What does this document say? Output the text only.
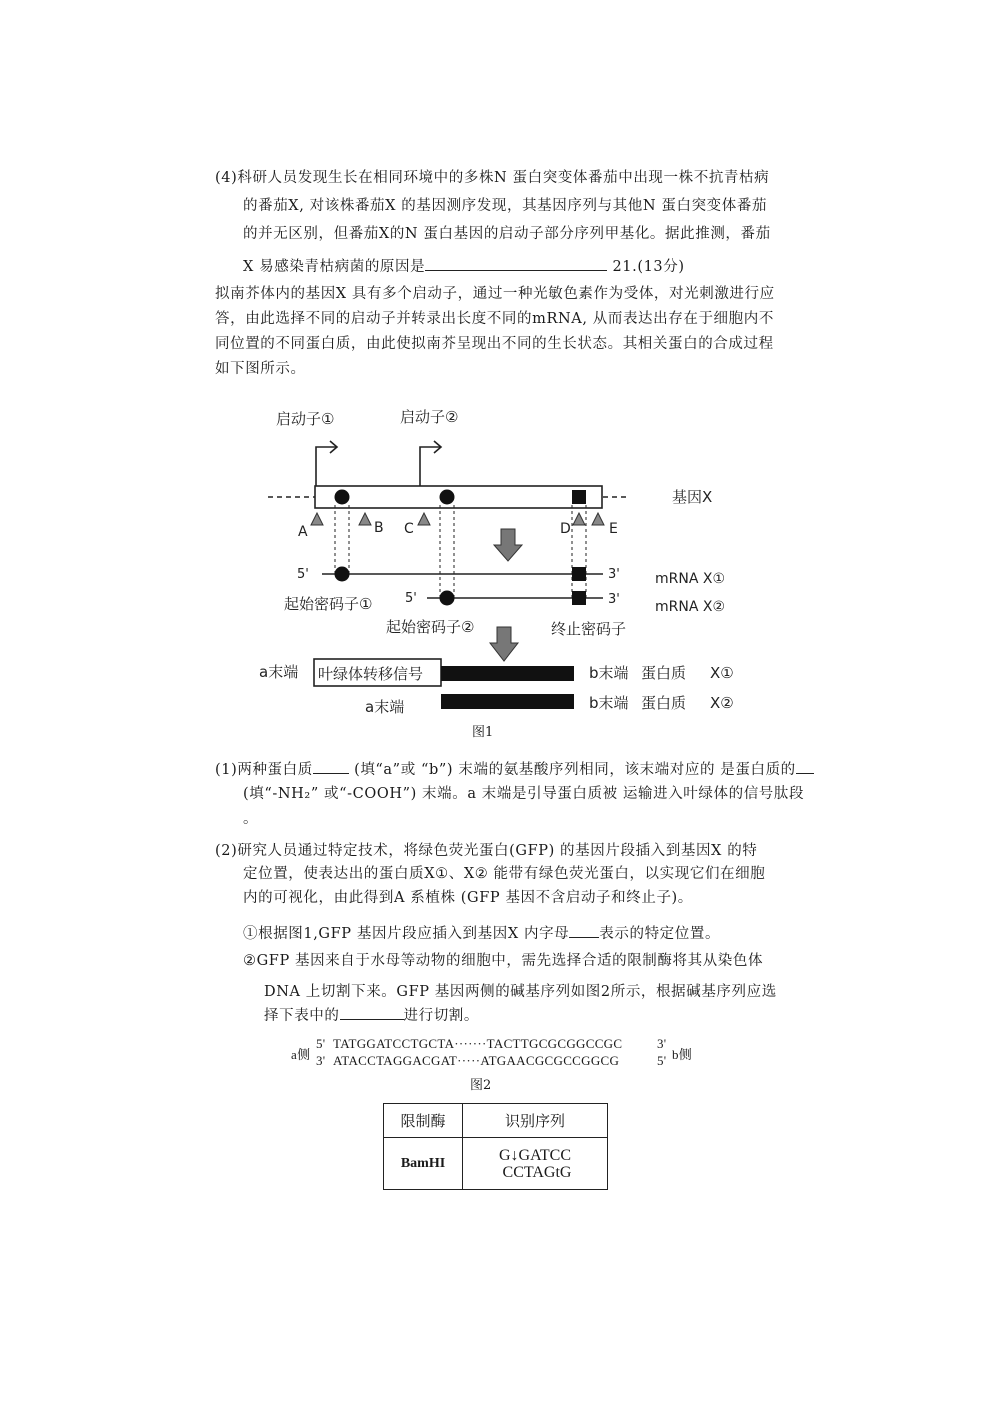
(4)科研人员发现生长在相同环境中的多株N 蛋白突变体番茄中出现一株不抗青枯病
的番茄X, 对该株番茄X 的基因测序发现，其基因序列与其他N 蛋白突变体番茄
的并无区别，但番茄X的N 蛋白基因的启动子部分序列甲基化。据此推测，番茄
X 易感染青枯病菌的原因是	21.(13分)
拟南芥体内的基因X 具有多个启动子，通过一种光敏色素作为受体，对光刺激进行应
答，由此选择不同的启动子并转录出长度不同的mRNA, 从而表达出存在于细胞内不
同位置的不同蛋白质，由此使拟南芥呈现出不同的生长状态。其相关蛋白的合成过程
如下图所示。
启动子①	启动子②
基因X
A	B C	D	E
5'	3'
5'	3'
mRNA X①
mRNA X②
起始密码子①
起始密码子②	终止密码子
a末端 叶绿体转移信号	b末端 蛋白质 X①
a末端	b末端 蛋白质 X②
图1
(1)两种蛋白质	(填“a”或 “b”) 末端的氨基酸序列相同，该末端对应的 是蛋白质的
(填“-NH₂” 或“-COOH”) 末端。a 末端是引导蛋白质被 运输进入叶绿体的信号肽段
。
(2)研究人员通过特定技术，将绿色荧光蛋白(GFP) 的基因片段插入到基因X 的特
定位置，使表达出的蛋白质X①、X② 能带有绿色荧光蛋白，以实现它们在细胞
内的可视化，由此得到A 系植株 (GFP 基因不含启动子和终止子)。
①根据图1,GFP 基因片段应插入到基因X 内字母 表示的特定位置。
②GFP 基因来自于水母等动物的细胞中，需先选择合适的限制酶将其从染色体
DNA 上切割下来。GFP 基因两侧的碱基序列如图2所示，根据碱基序列应选
择下表中的	进行切割。
a侧
5' TATGGATCCTGCTA·······TACTTGCGCGGCCGC	3'
3' ATACCTAGGACGAT·····ATGAACGCGCCGGCG	5' b侧
图2
限制酶	识别序列
BamHI	G↓GATCC
CCTAGtG
